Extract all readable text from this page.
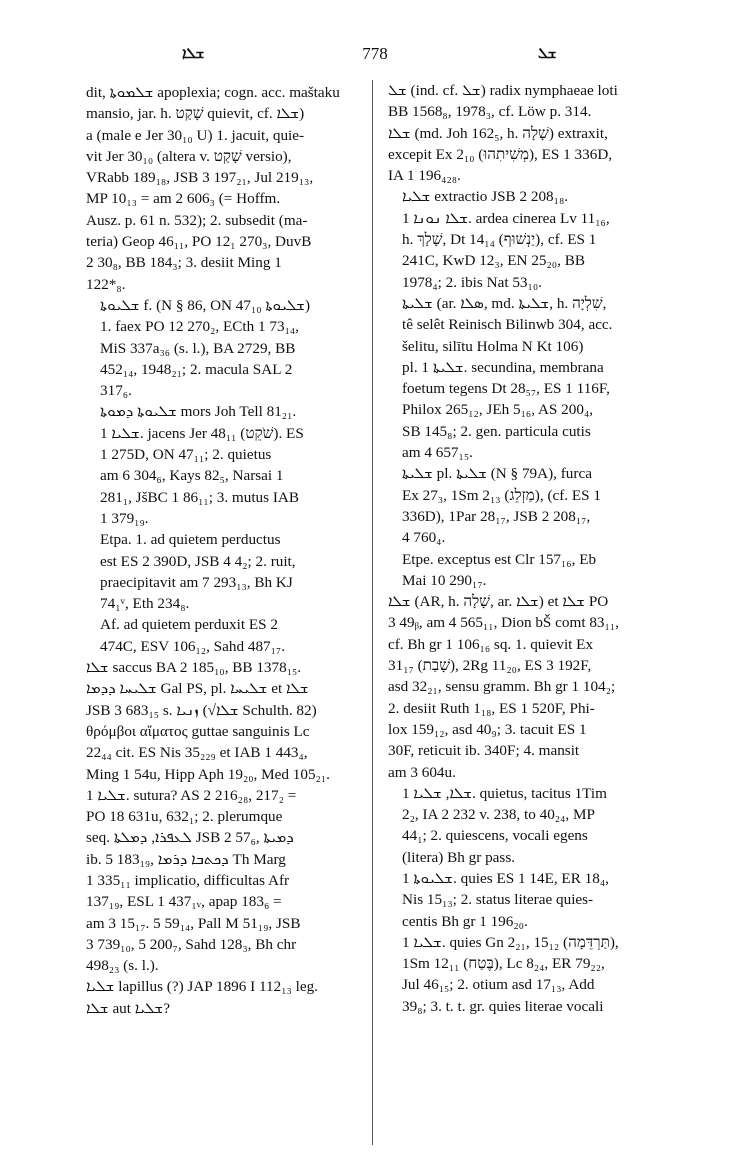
ܫܠܐ	778	ܫܠ

dit, ܫܠܡܘܬܐ apoplexia; cogn. acc. maštaku
mansio, jar. h. שָׁקַט quievit, cf. ܫܠܐ)
a (male e Jer 30₁₀ U) 1. jacuit, quie-
vit Jer 30₁₀ (altera v. שָׁקַט versio),
VRabb 189₁₈, JSB 3 197₂₁, Jul 219₁₃,
MP 10₁₃ = am 2 606₃ (= Hoffm.
Ausz. p. 61 n. 532); 2. subsedit (ma-
teria) Geop 46₁₁, PO 12₁ 270₃, DuvB
2 30₈, BB 184₃; 3. desiit Ming 1
122*₈.

ܫܠܝܘܬܐ f. (N § 86, ON 47₁₀ ܫܠܝܘܬܐ)
1. faex PO 12 270₂, ECth 1 73₁₄,
MiS 337a₃₆ (s. l.), BA 2729, BB
452₁₄, 1948₂₁; 2. macula SAL 2
317₆.

ܫܠܝܘܬܐ ܕܡܘܬܐ mors Joh Tell 81₂₁.

ܫܠܝܐ 1. jacens Jer 48₁₁ (שֹׁקֵט). ES
1 275D, ON 47₁₁; 2. quietus
am 6 304₆, Kays 82₅, Narsai 1
281₁, JšBC 1 86₁₁; 3. mutus IAB
1 379₁₉.

Etpa. 1. ad quietem perductus
est ES 2 390D, JSB 4 4₂; 2. ruit,
praecipitavit am 7 293₁₃, Bh KJ
74₁ᵛ, Eth 234₈.

Af. ad quietem perduxit ES 2
474C, ESV 106₁₂, Sahd 487₁₇.

ܫܠܐ saccus BA 2 185₁₀, BB 1378₁₅.

ܫܠܝܚܐ ܕܕܡܐ Gal PS, pl. ܫܠܝܚܐ et ܫܠܐ
JSB 3 683₁₅ s. ܙܢܝܐ (√ܫܠܐ Schulth. 82)
θρόμβοι αἵματος guttae sanguinis Lc
22₄₄ cit. ES Nis 35₂₂₉ et IAB 1 443₄,
Ming 1 54u, Hipp Aph 19₂₀, Med 105₂₁.

ܫܠܝܐ 1. sutura? AS 2 216₂₈, 217₂ =
PO 18 631u, 632₁; 2. plerumque
seq. ܠܥܦܪܐ, ܕܡܠܬܐ JSB 2 57₆, ܕܡܝܬܐ
ib. 5 183₁₉, ܕܟܬܒܐ ܕܪܡܐ Th Marg
1 335₁₁ implicatio, difficultas Afr
137₁₉, ESL 1 437₁ᵥ, apap 183₆ =
am 3 15₁₇. 5 59₁₄, Pall M 51₁₉, JSB
3 739₁₀, 5 200₇, Sahd 128₃, Bh chr
498₂₃ (s. l.).

ܫܠܝܐ lapillus (?) JAP 1896 I 112₁₃ leg.
ܫܠܐ aut ܫܠܝܐ?

ܫܠ (ind. cf. ܫܠ) radix nymphaeae loti
BB 1568₈, 1978₃, cf. Löw p. 314.

ܫܠܐ (md. Joh 162₅, h. שָׁלָה) extraxit,
excepit Ex 2₁₀ (מְשִׁיתִהוּ), ES 1 336D,
IA 1 196₄₂₈.

ܫܠܝܐ extractio JSB 2 208₁₈.

ܫܠܐ ܢܘܢܐ 1. ardea cinerea Lv 11₁₆,
h. שָׁלָךְ, Dt 14₁₄ (יַנְשׁוּף), cf. ES 1
241C, KwD 12₃, EN 25₂₀, BB
1978₄; 2. ibis Nat 53₁₀.

ܫܠܝܬܐ (ar. ܣܠܐ, md. ܫܠܝܬܐ, h. שִׁלְיָה,
tê selêt Reinisch Bilinwb 304, acc.
šelitu, silītu Holma N Kt 106)
pl. ܫܠܝܬܐ 1. secundina, membrana
foetum tegens Dt 28₅₇, ES 1 116F,
Philox 265₁₂, JEh 5₁₆, AS 200₄,
SB 145₈; 2. gen. particula cutis
am 4 657₁₅.

ܫܠܝܬܐ pl. ܫܠܝܬܐ (N § 79A), furca
Ex 27₃, 1Sm 2₁₃ (מַזְלֵג), (cf. ES 1
336D), 1Par 28₁₇, JSB 2 208₁₇,
4 760₄.

Etpe. exceptus est Clr 157₁₆, Eb
Mai 10 290₁₇.

ܫܠܐ (AR, h. שָׁלָה, ar. ܫܠܐ) et ܫܠܐ PO
3 49ᵦ, am 4 565₁₁, Dion bŠ comt 83₁₁,
cf. Bh gr 1 106₁₆ sq. 1. quievit Ex
31₁₇ (שָׁבַת), 2Rg 11₂₀, ES 3 192F,
asd 32₂₁, sensu gramm. Bh gr 1 104₂;
2. desiit Ruth 1₁₈, ES 1 520F, Phi-
lox 159₁₂, asd 40₉; 3. tacuit ES 1
30F, reticuit ib. 340F; 4. mansit
am 3 604u.

ܫܠܐ, ܫܠܝܐ 1. quietus, tacitus 1Tim
2₂, IA 2 232 v. 238, to 40₂₄, MP
44₁; 2. quiescens, vocali egens
(litera) Bh gr pass.

ܫܠܝܘܬܐ 1. quies ES 1 14E, ER 18₄,
Nis 15₁₃; 2. status literae quies-
centis Bh gr 1 196₂₀.

ܫܠܝܐ 1. quies Gn 2₂₁, 15₁₂ (תַּרְדֵּמָה),
1Sm 12₁₁ (בֶּטַח), Lc 8₂₄, ER 79₂₂,
Jul 46₁₅; 2. otium asd 17₁₃, Add
39₈; 3. t. t. gr. quies literae vocali
